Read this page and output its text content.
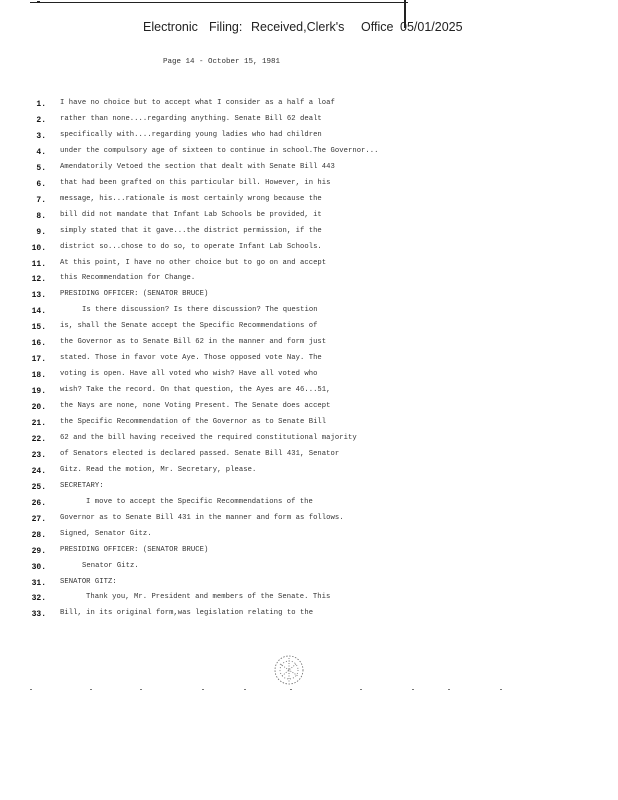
Electronic Filing: Received,Clerk's Office 05/01/2025
Page 14 - October 15, 1981
1. I have no choice but to accept what I consider as a half a loaf
2. rather than none....regarding anything. Senate Bill 62 dealt
3. specifically with....regarding young ladies who had children
4. under the compulsory age of sixteen to continue in school.The Governor...
5. Amendatorily Vetoed the section that dealt with Senate Bill 443
6. that had been grafted on this particular bill. However, in his
7. message, his...rationale is most certainly wrong because the
8. bill did not mandate that Infant Lab Schools be provided, it
9. simply stated that it gave...the district permission, if the
10. district so...chose to do so, to operate Infant Lab Schools.
11. At this point, I have no other choice but to go on and accept
12. this Recommendation for Change.
13. PRESIDING OFFICER: (SENATOR BRUCE)
14.	Is there discussion? Is there discussion? The question
15. is, shall the Senate accept the Specific Recommendations of
16. the Governor as to Senate Bill 62 in the manner and form just
17. stated. Those in favor vote Aye. Those opposed vote Nay. The
18. voting is open. Have all voted who wish? Have all voted who
19. wish? Take the record. On that question, the Ayes are 46...51,
20. the Nays are none, none Voting Present. The Senate does accept
21. the Specific Recommendation of the Governor as to Senate Bill
22. 62 and the bill having received the required constitutional majority
23. of Senators elected is declared passed. Senate Bill 431, Senator
24. Gitz. Read the motion, Mr. Secretary, please.
25. SECRETARY:
26.	I move to accept the Specific Recommendations of the
27. Governor as to Senate Bill 431 in the manner and form as follows.
28. Signed, Senator Gitz.
29. PRESIDING OFFICER: (SENATOR BRUCE)
30.	Senator Gitz.
31. SENATOR GITZ:
32.	Thank you, Mr. President and members of the Senate. This
33. Bill, in its original form,was legislation relating to the
